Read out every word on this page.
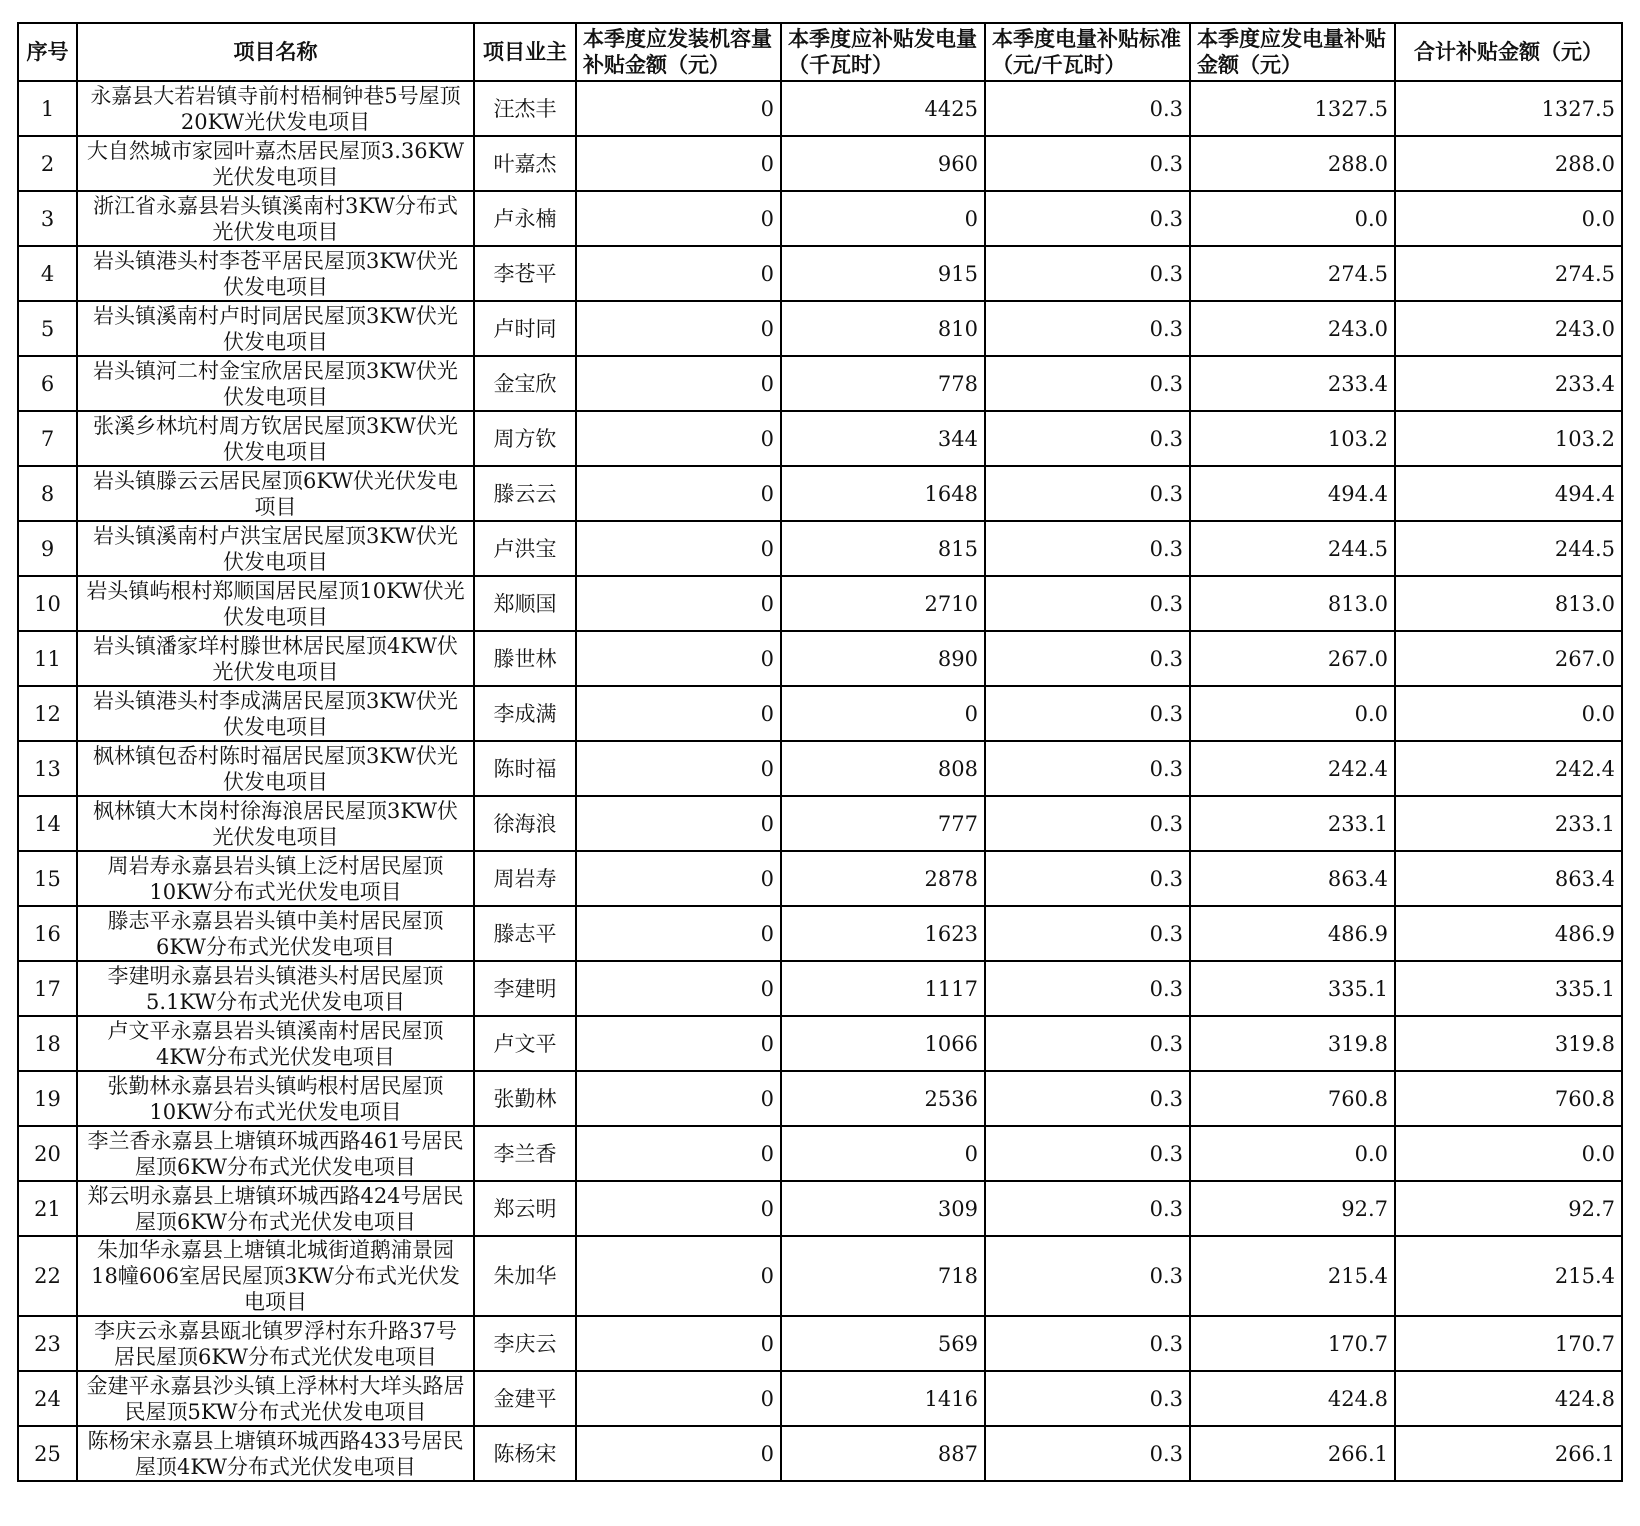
序号	项目名称	项目业主	本季度应发装机容量补贴金额（元）	本季度应补贴发电量（千瓦时）	本季度电量补贴标准（元/千瓦时）	本季度应发电量补贴金额（元）	合计补贴金额（元）
1	永嘉县大若岩镇寺前村梧桐钟巷5号屋顶20KW光伏发电项目	汪杰丰	0	4425	0.3	1327.5	1327.5
2	大自然城市家园叶嘉杰居民屋顶3.36KW光伏发电项目	叶嘉杰	0	960	0.3	288.0	288.0
3	浙江省永嘉县岩头镇溪南村3KW分布式光伏发电项目	卢永楠	0	0	0.3	0.0	0.0
4	岩头镇港头村李苍平居民屋顶3KW伏光伏发电项目	李苍平	0	915	0.3	274.5	274.5
5	岩头镇溪南村卢时同居民屋顶3KW伏光伏发电项目	卢时同	0	810	0.3	243.0	243.0
6	岩头镇河二村金宝欣居民屋顶3KW伏光伏发电项目	金宝欣	0	778	0.3	233.4	233.4
7	张溪乡林坑村周方钦居民屋顶3KW伏光伏发电项目	周方钦	0	344	0.3	103.2	103.2
8	岩头镇滕云云居民屋顶6KW伏光伏发电项目	滕云云	0	1648	0.3	494.4	494.4
9	岩头镇溪南村卢洪宝居民屋顶3KW伏光伏发电项目	卢洪宝	0	815	0.3	244.5	244.5
10	岩头镇屿根村郑顺国居民屋顶10KW伏光伏发电项目	郑顺国	0	2710	0.3	813.0	813.0
11	岩头镇潘家垟村滕世林居民屋顶4KW伏光伏发电项目	滕世林	0	890	0.3	267.0	267.0
12	岩头镇港头村李成满居民屋顶3KW伏光伏发电项目	李成满	0	0	0.3	0.0	0.0
13	枫林镇包岙村陈时福居民屋顶3KW伏光伏发电项目	陈时福	0	808	0.3	242.4	242.4
14	枫林镇大木岗村徐海浪居民屋顶3KW伏光伏发电项目	徐海浪	0	777	0.3	233.1	233.1
15	周岩寿永嘉县岩头镇上泛村居民屋顶10KW分布式光伏发电项目	周岩寿	0	2878	0.3	863.4	863.4
16	滕志平永嘉县岩头镇中美村居民屋顶6KW分布式光伏发电项目	滕志平	0	1623	0.3	486.9	486.9
17	李建明永嘉县岩头镇港头村居民屋顶5.1KW分布式光伏发电项目	李建明	0	1117	0.3	335.1	335.1
18	卢文平永嘉县岩头镇溪南村居民屋顶4KW分布式光伏发电项目	卢文平	0	1066	0.3	319.8	319.8
19	张勤林永嘉县岩头镇屿根村居民屋顶10KW分布式光伏发电项目	张勤林	0	2536	0.3	760.8	760.8
20	李兰香永嘉县上塘镇环城西路461号居民屋顶6KW分布式光伏发电项目	李兰香	0	0	0.3	0.0	0.0
21	郑云明永嘉县上塘镇环城西路424号居民屋顶6KW分布式光伏发电项目	郑云明	0	309	0.3	92.7	92.7
22	朱加华永嘉县上塘镇北城街道鹅浦景园18幢606室居民屋顶3KW分布式光伏发电项目	朱加华	0	718	0.3	215.4	215.4
23	李庆云永嘉县瓯北镇罗浮村东升路37号居民屋顶6KW分布式光伏发电项目	李庆云	0	569	0.3	170.7	170.7
24	金建平永嘉县沙头镇上浮林村大垟头路居民屋顶5KW分布式光伏发电项目	金建平	0	1416	0.3	424.8	424.8
25	陈杨宋永嘉县上塘镇环城西路433号居民屋顶4KW分布式光伏发电项目	陈杨宋	0	887	0.3	266.1	266.1
